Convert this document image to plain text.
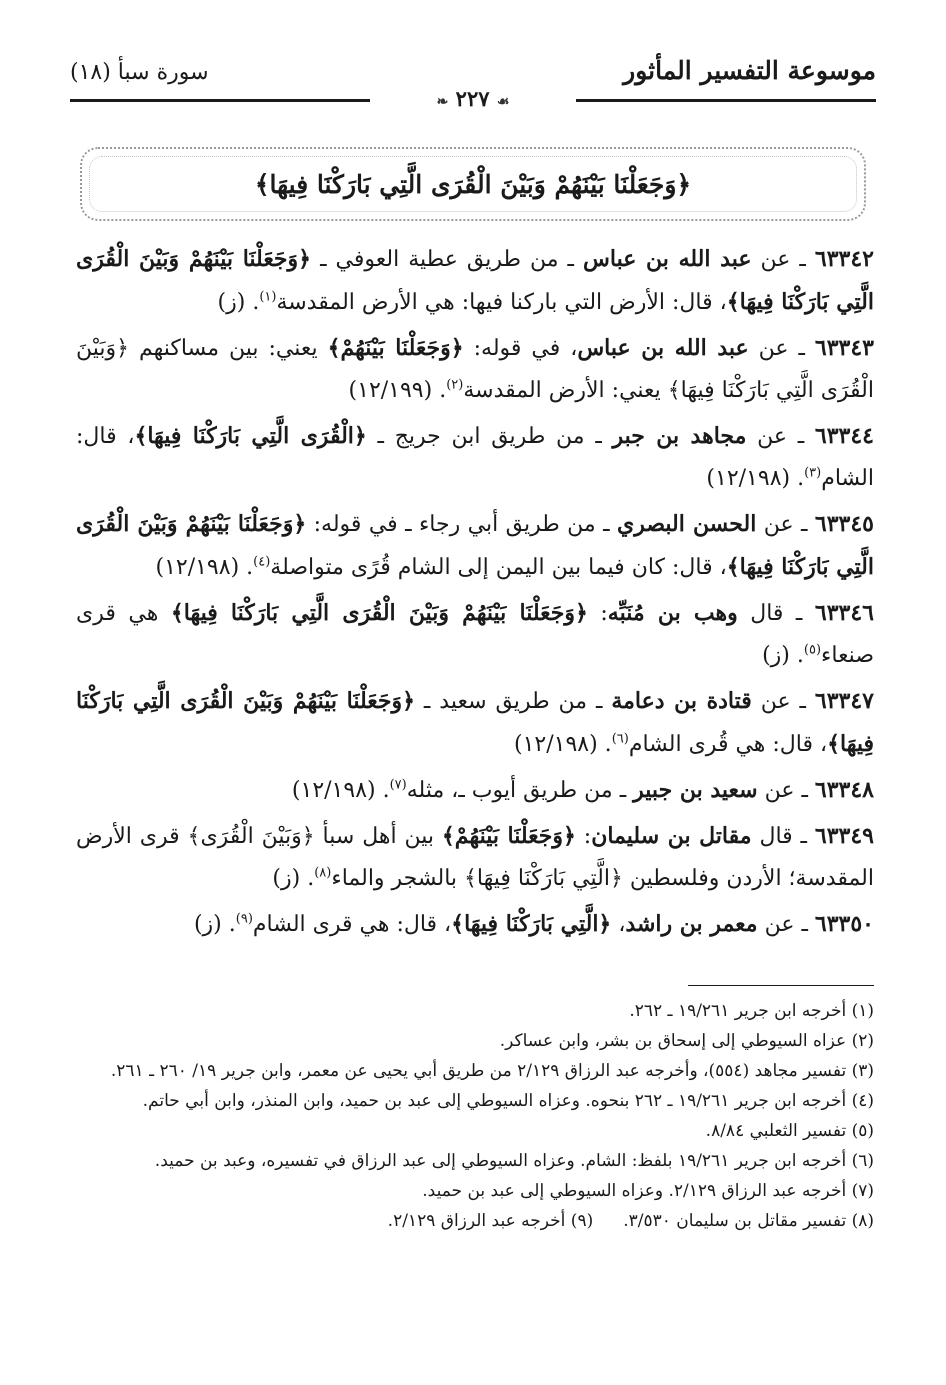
موسوعة التفسير المأثور
سورة سبأ (١٨)
❧ ٢٢٧ ☙
﴿وَجَعَلْنَا بَيْنَهُمْ وَبَيْنَ الْقُرَى الَّتِي بَارَكْنَا فِيهَا﴾

٦٣٣٤٢ ـ عن عبد الله بن عباس ـ من طريق عطية العوفي ـ ﴿وَجَعَلْنَا بَيْنَهُمْ وَبَيْنَ الْقُرَى الَّتِي بَارَكْنَا فِيهَا﴾، قال: الأرض التي باركنا فيها: هي الأرض المقدسة$^{(١)}$. (ز)

٦٣٣٤٣ ـ عن عبد الله بن عباس، في قوله: ﴿وَجَعَلْنَا بَيْنَهُمْ﴾ يعني: بين مساكنهم ﴿وَبَيْنَ الْقُرَى الَّتِي بَارَكْنَا فِيهَا﴾ يعني: الأرض المقدسة$^{(٢)}$. (١٢/١٩٩)

٦٣٣٤٤ ـ عن مجاهد بن جبر ـ من طريق ابن جريج ـ ﴿الْقُرَى الَّتِي بَارَكْنَا فِيهَا﴾، قال: الشام$^{(٣)}$. (١٢/١٩٨)

٦٣٣٤٥ ـ عن الحسن البصري ـ من طريق أبي رجاء ـ في قوله: ﴿وَجَعَلْنَا بَيْنَهُمْ وَبَيْنَ الْقُرَى الَّتِي بَارَكْنَا فِيهَا﴾، قال: كان فيما بين اليمن إلى الشام قُرًى متواصلة$^{(٤)}$. (١٢/١٩٨)

٦٣٣٤٦ ـ قال وهب بن مُنَبِّه: ﴿وَجَعَلْنَا بَيْنَهُمْ وَبَيْنَ الْقُرَى الَّتِي بَارَكْنَا فِيهَا﴾ هي قرى صنعاء$^{(٥)}$. (ز)

٦٣٣٤٧ ـ عن قتادة بن دعامة ـ من طريق سعيد ـ ﴿وَجَعَلْنَا بَيْنَهُمْ وَبَيْنَ الْقُرَى الَّتِي بَارَكْنَا فِيهَا﴾، قال: هي قُرى الشام$^{(٦)}$. (١٢/١٩٨)

٦٣٣٤٨ ـ عن سعيد بن جبير ـ من طريق أيوب ـ، مثله$^{(٧)}$. (١٢/١٩٨)

٦٣٣٤٩ ـ قال مقاتل بن سليمان: ﴿وَجَعَلْنَا بَيْنَهُمْ﴾ بين أهل سبأ ﴿وَبَيْنَ الْقُرَى﴾ قرى الأرض المقدسة؛ الأردن وفلسطين ﴿الَّتِي بَارَكْنَا فِيهَا﴾ بالشجر والماء$^{(٨)}$. (ز)

٦٣٣٥٠ ـ عن معمر بن راشد، ﴿الَّتِي بَارَكْنَا فِيهَا﴾، قال: هي قرى الشام$^{(٩)}$. (ز)

(١) أخرجه ابن جرير ١٩/٢٦١ ـ ٢٦٢.

(٢) عزاه السيوطي إلى إسحاق بن بشر، وابن عساكر.

(٣) تفسير مجاهد (٥٥٤)، وأخرجه عبد الرزاق ٢/١٢٩ من طريق أبي يحيى عن معمر، وابن جرير ١٩/ ٢٦٠ ـ ٢٦١.

(٤) أخرجه ابن جرير ١٩/٢٦١ ـ ٢٦٢ بنحوه. وعزاه السيوطي إلى عبد بن حميد، وابن المنذر، وابن أبي حاتم.

(٥) تفسير الثعلبي ٨/٨٤.

(٦) أخرجه ابن جرير ١٩/٢٦١ بلفظ: الشام. وعزاه السيوطي إلى عبد الرزاق في تفسيره، وعبد بن حميد.

(٧) أخرجه عبد الرزاق ٢/١٢٩. وعزاه السيوطي إلى عبد بن حميد.

(٨) تفسير مقاتل بن سليمان ٣/٥٣٠.
(٩) أخرجه عبد الرزاق ٢/١٢٩.
